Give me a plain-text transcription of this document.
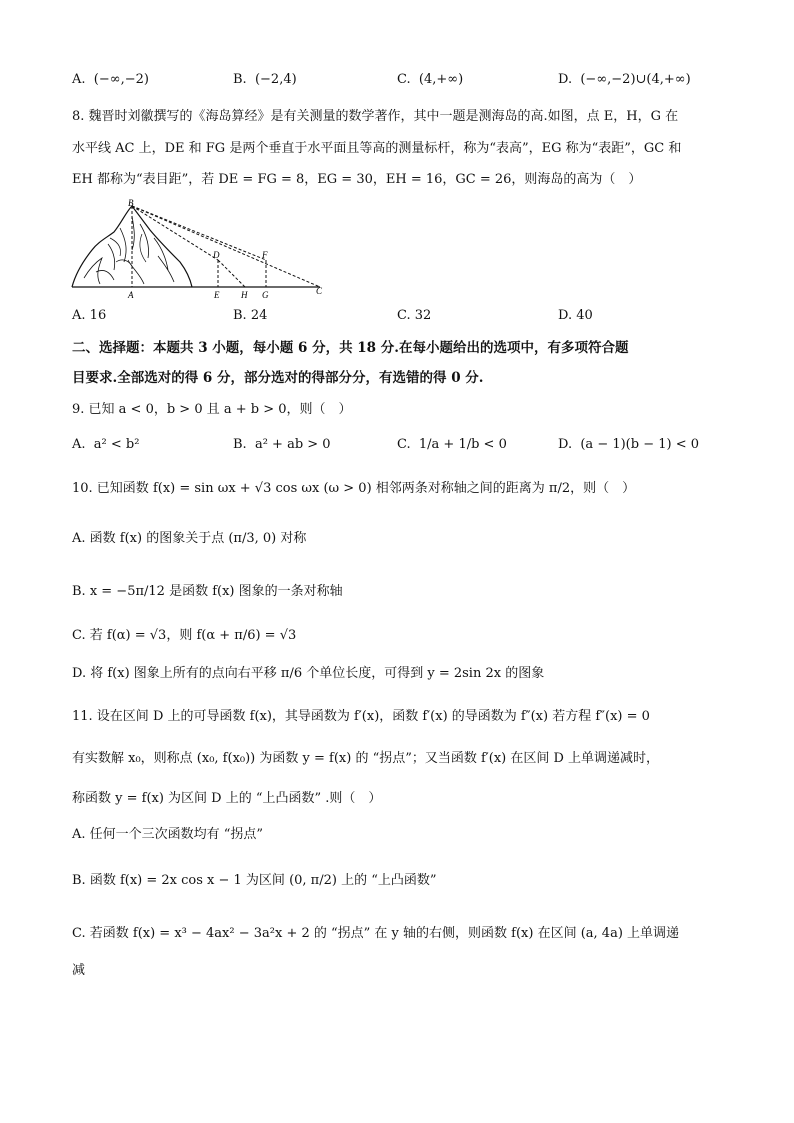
A. (−∞,−2)	B. (−2,4)	C. (4,+∞)	D. (−∞,−2)∪(4,+∞)
8. 魏晋时刘徽撰写的《海岛算经》是有关测量的数学著作，其中一题是测海岛的高.如图，点 E，H，G 在
水平线 AC 上，DE 和 FG 是两个垂直于水平面且等高的测量标杆，称为“表高”，EG 称为“表距”，GC 和
EH 都称为“表目距”，若 DE = FG = 8，EG = 30，EH = 16，GC = 26，则海岛的高为（　）
B
D	F
A	E H G	C
A. 16	B. 24	C. 32	D. 40
二、选择题：本题共 3 小题，每小题 6 分，共 18 分.在每小题给出的选项中，有多项符合题
目要求.全部选对的得 6 分，部分选对的得部分分，有选错的得 0 分.
9. 已知 a < 0，b > 0 且 a + b > 0，则（　）
A. a² < b²	B. a² + ab > 0	C. 1/a + 1/b < 0	D. (a − 1)(b − 1) < 0
10. 已知函数 f(x) = sin ωx + √3 cos ωx (ω > 0) 相邻两条对称轴之间的距离为 π/2，则（　）
A. 函数 f(x) 的图象关于点 (π/3, 0) 对称
B. x = −5π/12 是函数 f(x) 图象的一条对称轴
C. 若 f(α) = √3，则 f(α + π/6) = √3
D. 将 f(x) 图象上所有的点向右平移 π/6 个单位长度，可得到 y = 2sin 2x 的图象
11. 设在区间 D 上的可导函数 f(x)，其导函数为 f′(x)，函数 f′(x) 的导函数为 f″(x) 若方程 f″(x) = 0
有实数解 x₀，则称点 (x₀, f(x₀)) 为函数 y = f(x) 的 “拐点”；又当函数 f′(x) 在区间 D 上单调递减时，
称函数 y = f(x) 为区间 D 上的 “上凸函数” .则（　）
A. 任何一个三次函数均有 “拐点”
B. 函数 f(x) = 2x cos x − 1 为区间 (0, π/2) 上的 “上凸函数”
C. 若函数 f(x) = x³ − 4ax² − 3a²x + 2 的 “拐点” 在 y 轴的右侧，则函数 f(x) 在区间 (a, 4a) 上单调递
减
